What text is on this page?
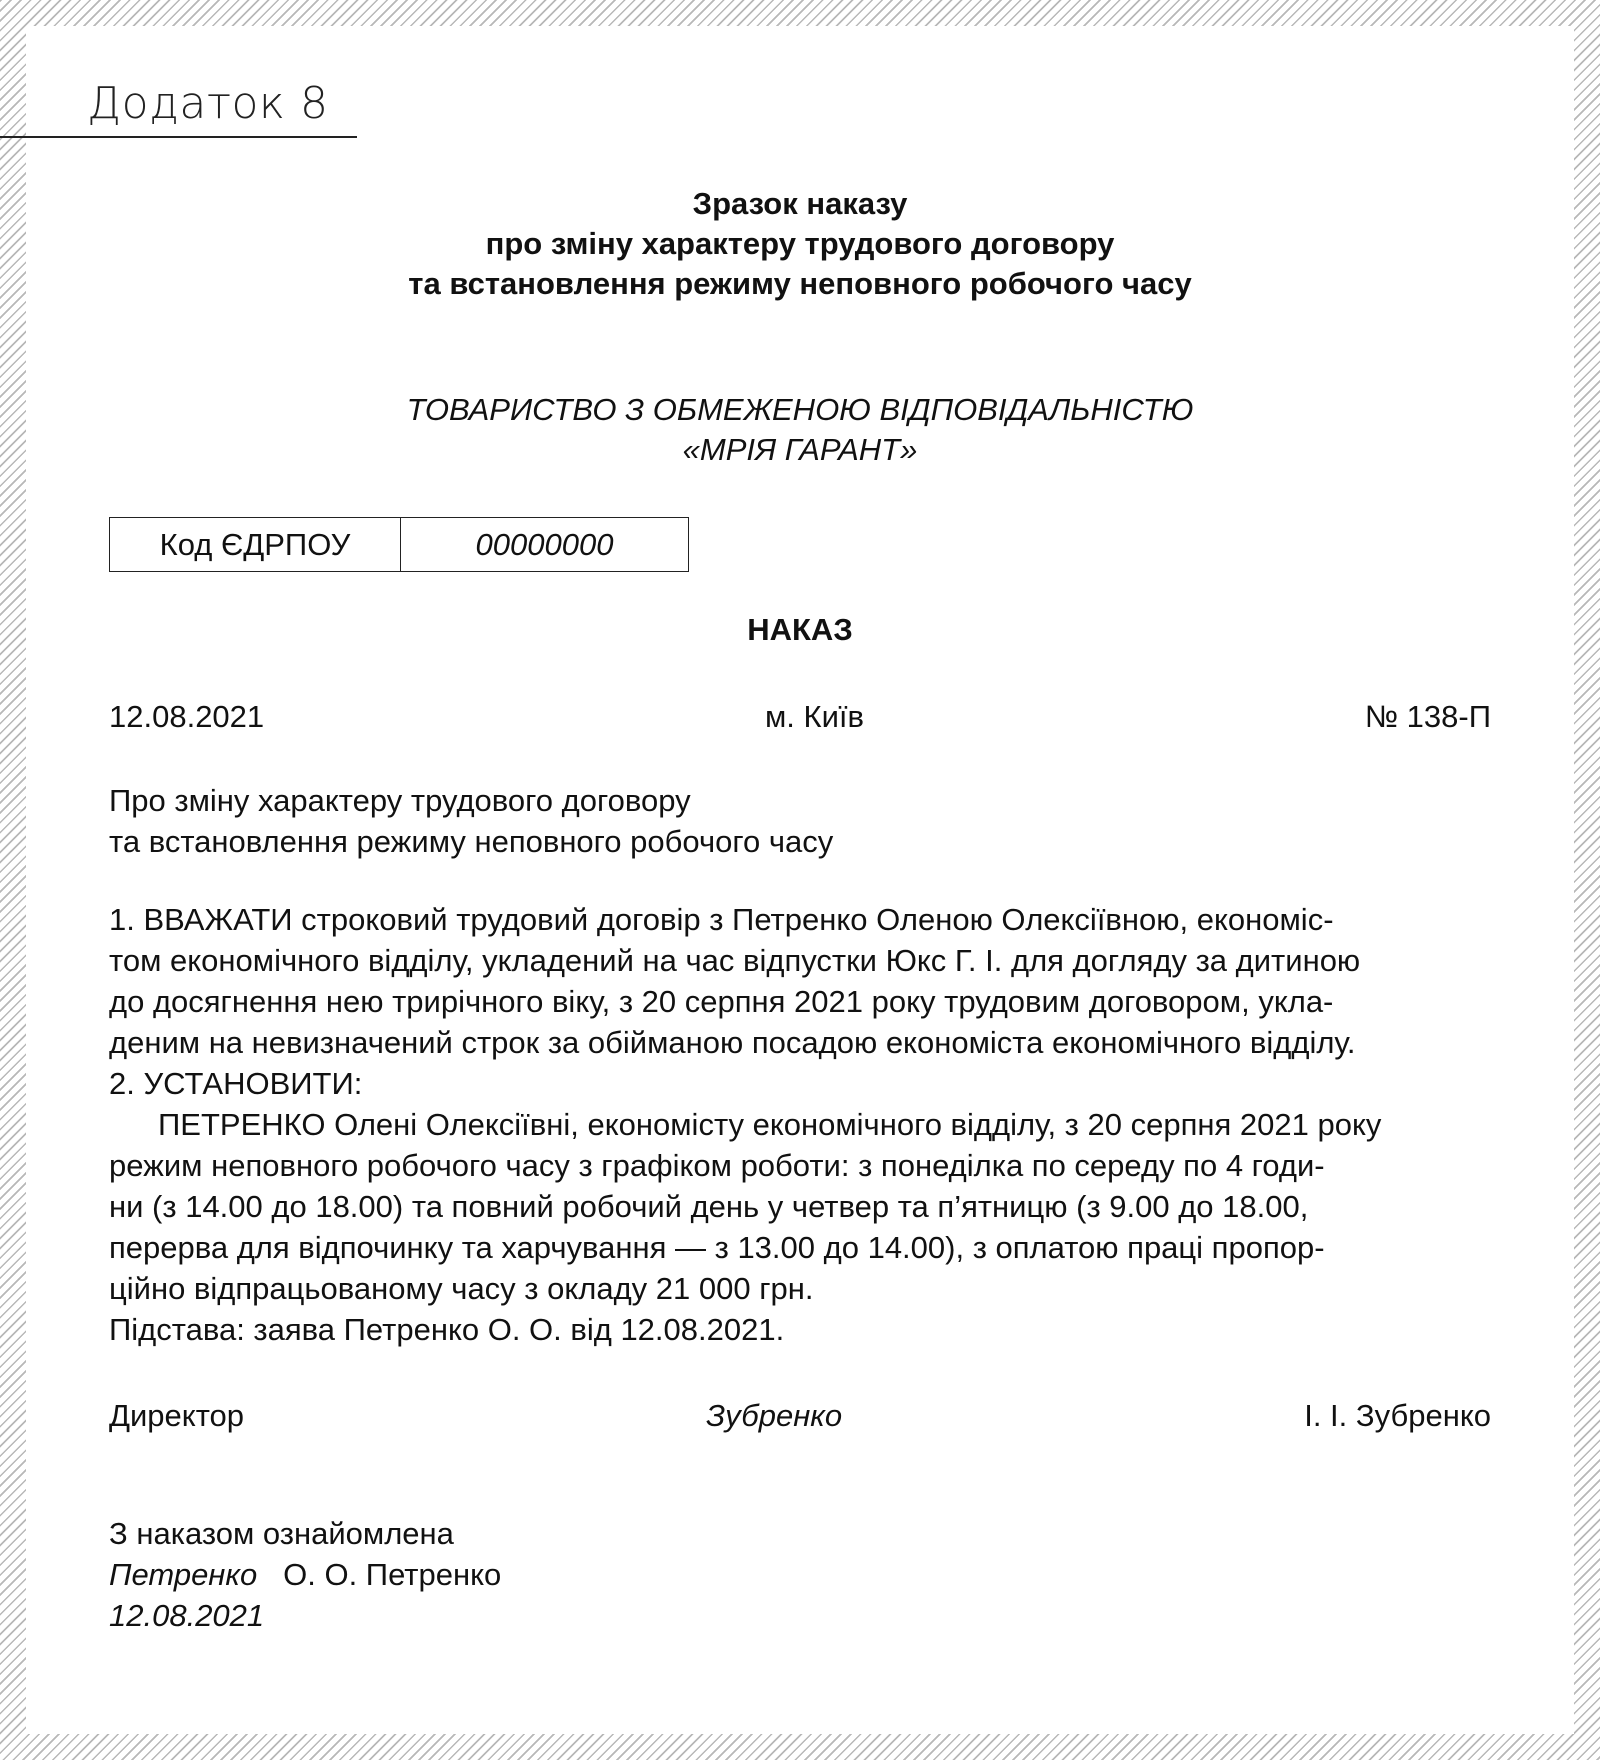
Додаток 8
Зразок наказу
про зміну характеру трудового договору
та встановлення режиму неповного робочого часу
ТОВАРИСТВО З ОБМЕЖЕНОЮ ВІДПОВІДАЛЬНІСТЮ
«МРІЯ ГАРАНТ»
Код ЄДРПОУ	00000000
НАКАЗ
12.08.2021	м. Київ	№ 138-П
Про зміну характеру трудового договору
та встановлення режиму неповного робочого часу
1. ВВАЖАТИ строковий трудовий договір з Петренко Оленою Олексіївною, економіс-
том економічного відділу, укладений на час відпустки Юкс Г. І. для догляду за дитиною
до досягнення нею трирічного віку, з 20 серпня 2021 року трудовим договором, укла-
деним на невизначений строк за обійманою посадою економіста економічного відділу.
2. УСТАНОВИТИ:
ПЕТРЕНКО Олені Олексіївні, економісту економічного відділу, з 20 серпня 2021 року
режим неповного робочого часу з графіком роботи: з понеділка по середу по 4 годи-
ни (з 14.00 до 18.00) та повний робочий день у четвер та п’ятницю (з 9.00 до 18.00,
перерва для відпочинку та харчування — з 13.00 до 14.00), з оплатою праці пропор-
ційно відпрацьованому часу з окладу 21 000 грн.
Підстава: заява Петренко О. О. від 12.08.2021.
Директор	Зубренко	І. І. Зубренко
З наказом ознайомлена
Петренко О. О. Петренко
12.08.2021
